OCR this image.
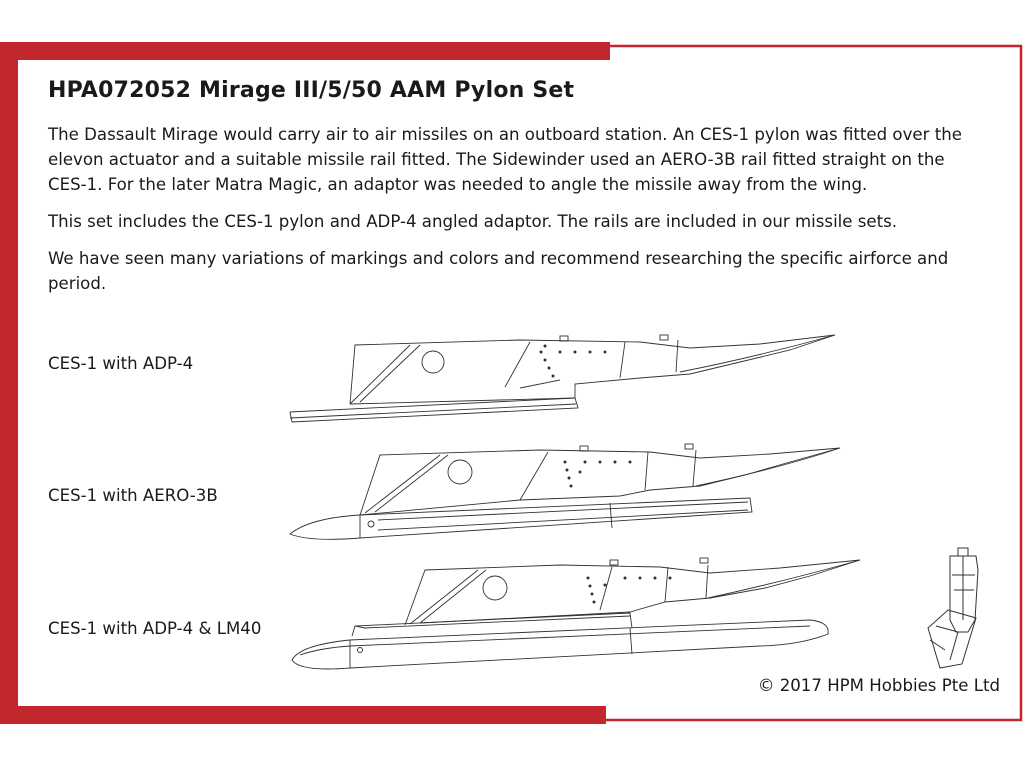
HPA072052 Mirage III/5/50 AAM Pylon Set

The Dassault Mirage would carry air to air missiles on an outboard station. An CES-1 pylon was fitted over the elevon actuator and a suitable missile rail fitted. The Sidewinder used an AERO-3B rail fitted straight on the CES-1. For the later Matra Magic, an adaptor was needed to angle the missile away from the wing.

This set includes the CES-1 pylon and ADP-4 angled adaptor. The rails are included in our missile sets.

We have seen many variations of markings and colors and recommend researching the specific airforce and period.

CES-1 with ADP-4
CES-1 with AERO-3B
CES-1 with ADP-4 & LM40
© 2017 HPM Hobbies Pte Ltd
